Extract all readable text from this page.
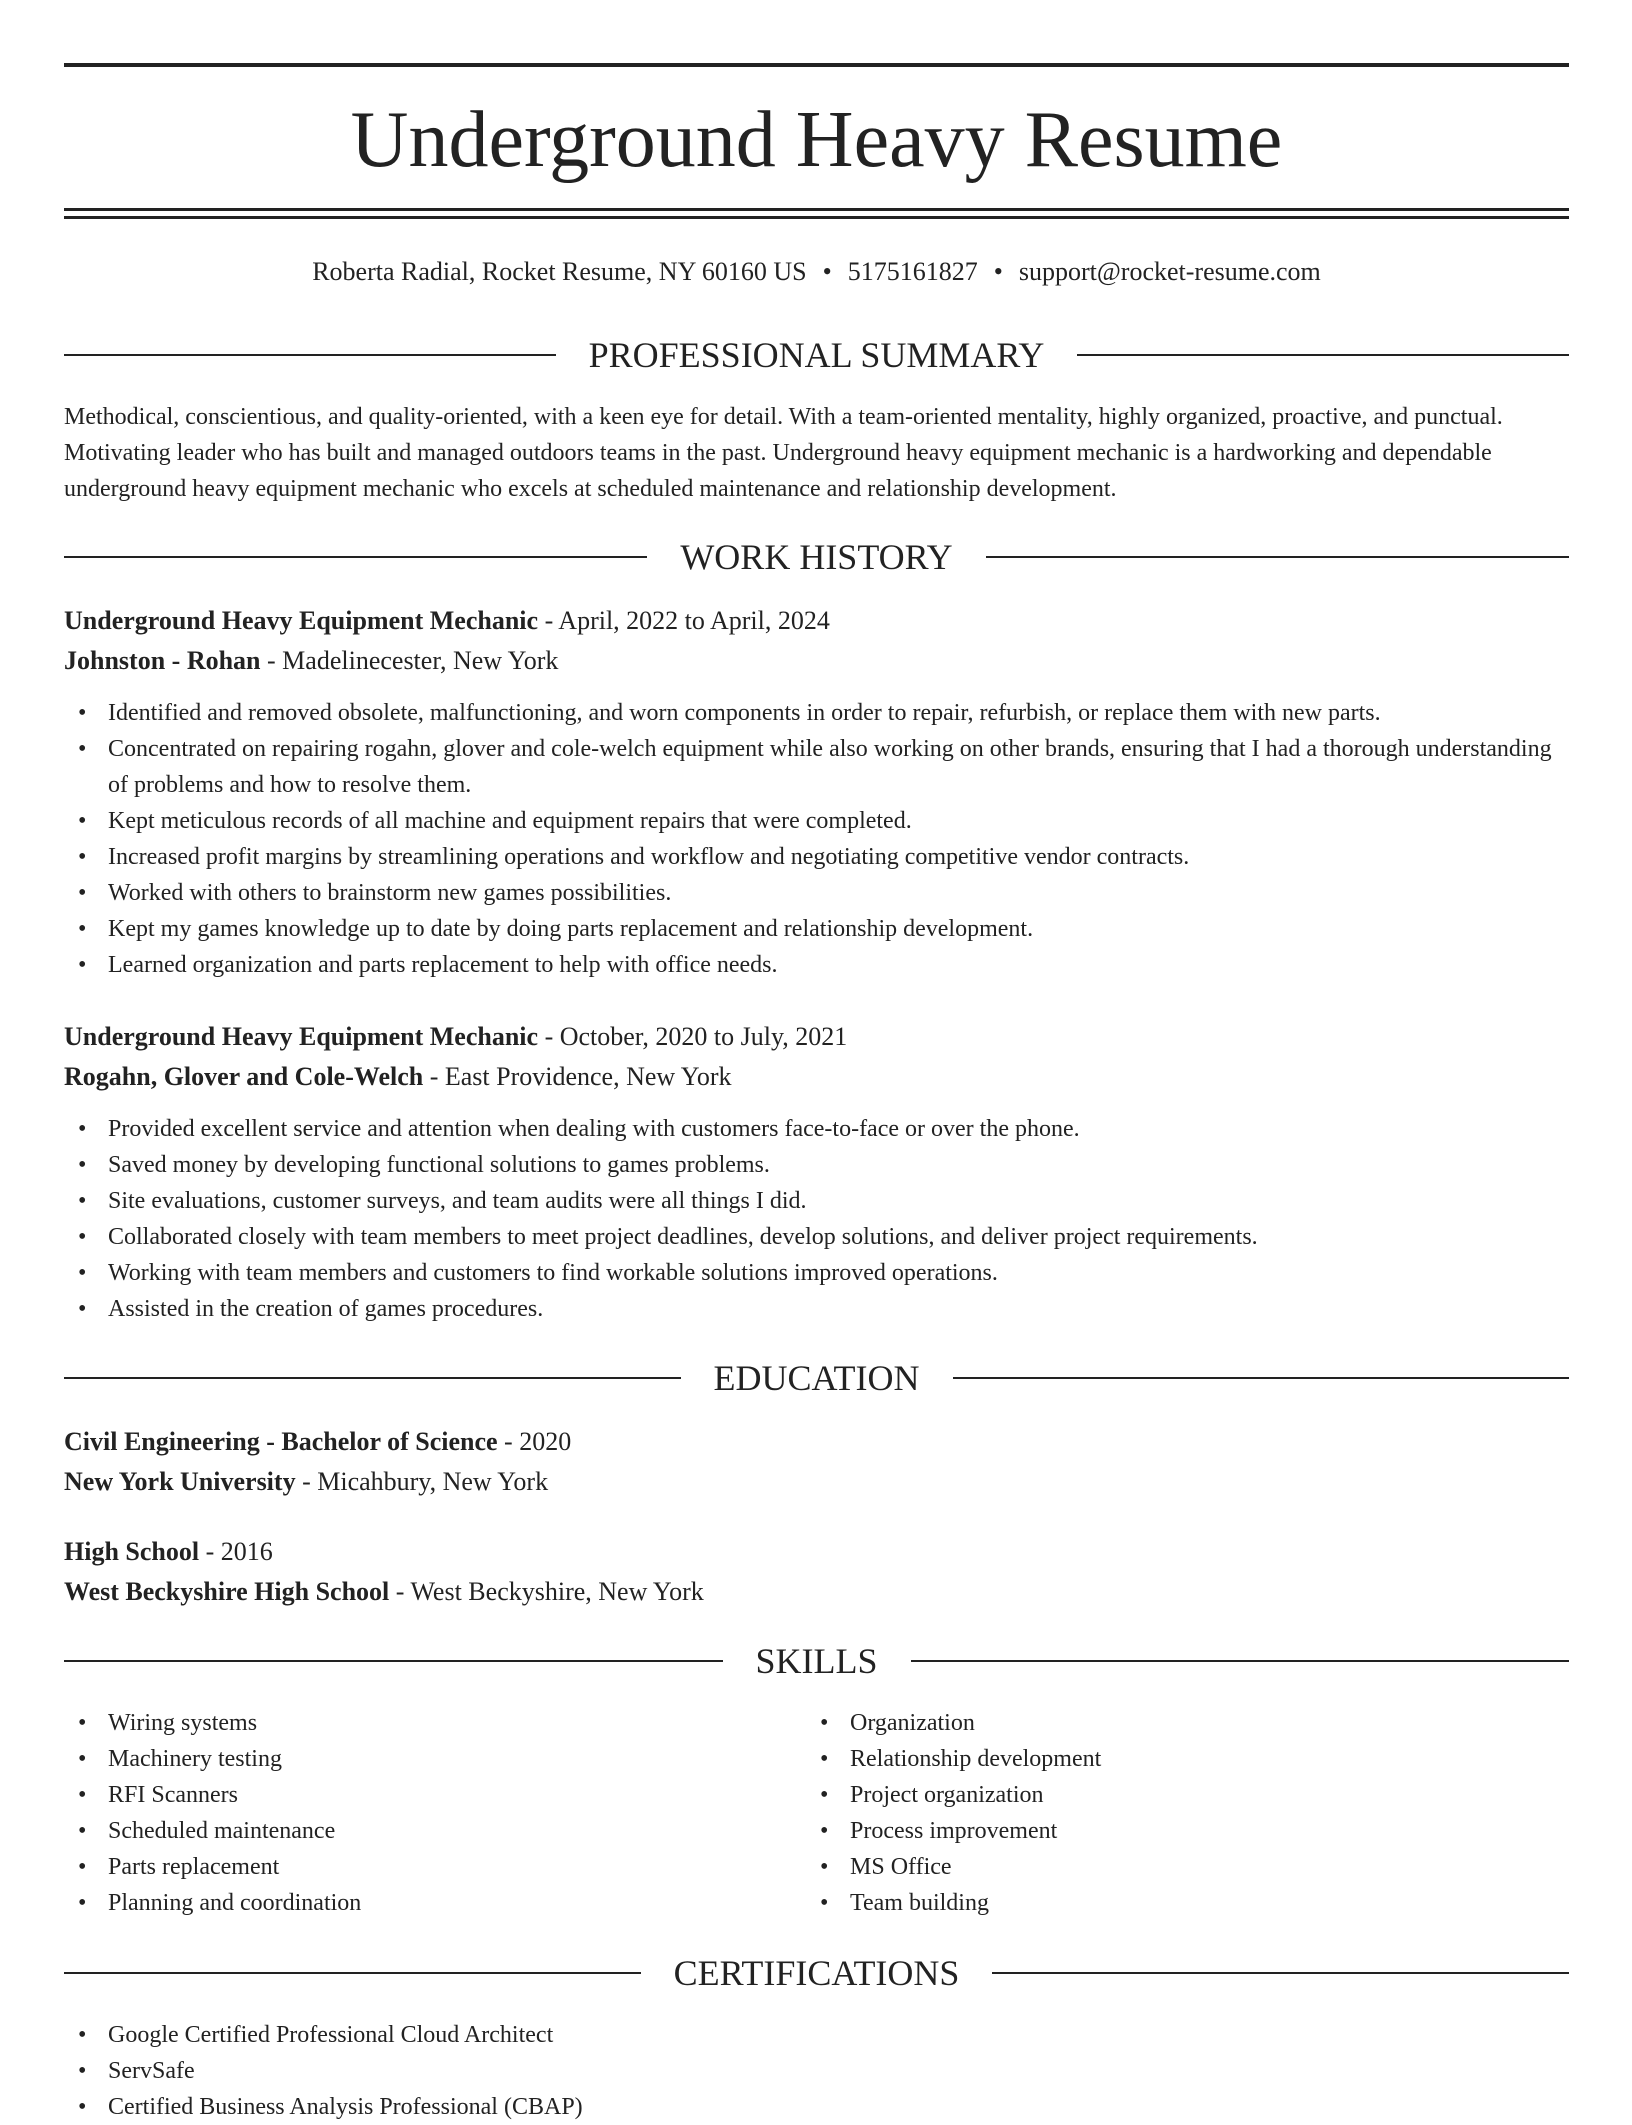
Underground Heavy Resume
Roberta Radial, Rocket Resume, NY 60160 US • 5175161827 • support@rocket-resume.com
PROFESSIONAL SUMMARY

Methodical, conscientious, and quality-oriented, with a keen eye for detail. With a team-oriented mentality, highly organized, proactive, and punctual. Motivating leader who has built and managed outdoors teams in the past. Underground heavy equipment mechanic is a hardworking and dependable underground heavy equipment mechanic who excels at scheduled maintenance and relationship development.

WORK HISTORY
Underground Heavy Equipment Mechanic - April, 2022 to April, 2024
Johnston - Rohan - Madelinecester, New York
• Identified and removed obsolete, malfunctioning, and worn components in order to repair, refurbish, or replace them with new parts.
• Concentrated on repairing rogahn, glover and cole-welch equipment while also working on other brands, ensuring that I had a thorough understanding of problems and how to resolve them.
• Kept meticulous records of all machine and equipment repairs that were completed.
• Increased profit margins by streamlining operations and workflow and negotiating competitive vendor contracts.
• Worked with others to brainstorm new games possibilities.
• Kept my games knowledge up to date by doing parts replacement and relationship development.
• Learned organization and parts replacement to help with office needs.
Underground Heavy Equipment Mechanic - October, 2020 to July, 2021
Rogahn, Glover and Cole-Welch - East Providence, New York
• Provided excellent service and attention when dealing with customers face-to-face or over the phone.
• Saved money by developing functional solutions to games problems.
• Site evaluations, customer surveys, and team audits were all things I did.
• Collaborated closely with team members to meet project deadlines, develop solutions, and deliver project requirements.
• Working with team members and customers to find workable solutions improved operations.
• Assisted in the creation of games procedures.
EDUCATION
Civil Engineering - Bachelor of Science - 2020
New York University - Micahbury, New York
High School - 2016
West Beckyshire High School - West Beckyshire, New York
SKILLS
• Wiring systems
• Machinery testing
• RFI Scanners
• Scheduled maintenance
• Parts replacement
• Planning and coordination
• Organization
• Relationship development
• Project organization
• Process improvement
• MS Office
• Team building
CERTIFICATIONS
• Google Certified Professional Cloud Architect
• ServSafe
• Certified Business Analysis Professional (CBAP)
